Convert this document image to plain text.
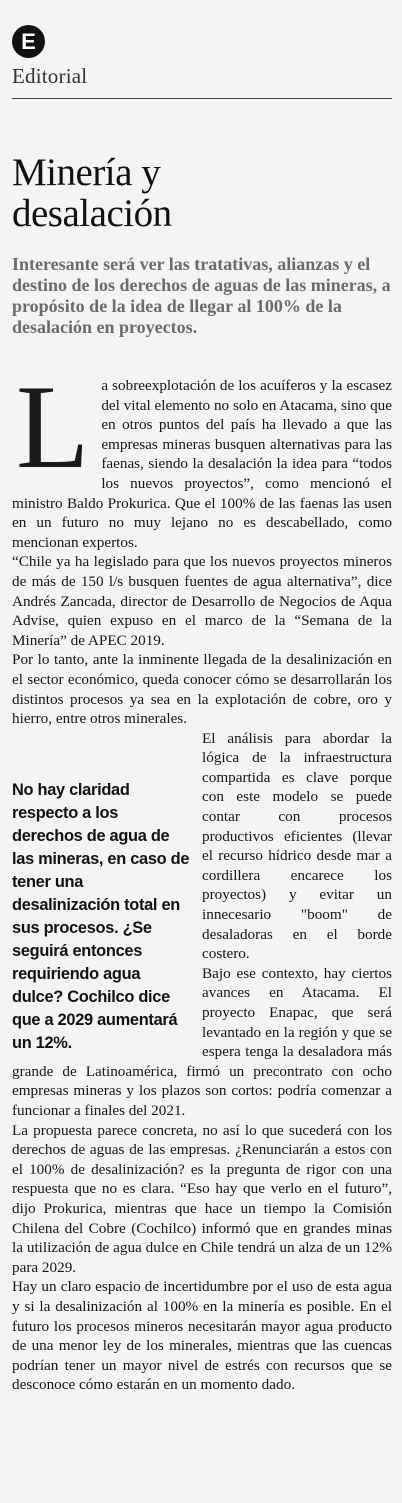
E
Editorial
Minería y
desalación

Interesante será ver las tratativas, alianzas y el destino de los derechos de aguas de las mineras, a propósito de la idea de llegar al 100% de la desalación en proyectos.

L a sobreexplotación de los acuíferos y la escasez del vital elemento no solo en Atacama, sino que en otros puntos del país ha llevado a que las empresas mineras busquen alternativas para las faenas, siendo la desalación la idea para “todos los nuevos proyectos”, como mencionó el ministro Baldo Prokurica. Que el 100% de las faenas las usen en un futuro no muy lejano no es descabellado, como mencionan expertos.

“Chile ya ha legislado para que los nuevos proyectos mineros de más de 150 l/s busquen fuentes de agua alternativa”, dice Andrés Zancada, director de Desarrollo de Negocios de Aqua Advise, quien expuso en el marco de la “Semana de la Minería” de APEC 2019.

Por lo tanto, ante la inminente llegada de la desalinización en el sector económico, queda conocer cómo se desarrollarán los distintos procesos ya sea en la explotación de cobre, oro y hierro, entre otros minerales.

No hay claridad respecto a los derechos de agua de las mineras, en caso de tener una desalinización total en sus procesos. ¿Se seguirá entonces requiriendo agua dulce? Cochilco dice que a 2029 aumentará un 12%.

El análisis para abordar la lógica de la infraestructura compartida es clave porque con este modelo se puede contar con procesos productivos eficientes (llevar el recurso hídrico desde mar a cordillera encarece los proyectos) y evitar un innecesario "boom" de desaladoras en el borde costero.

Bajo ese contexto, hay ciertos avances en Atacama. El proyecto Enapac, que será levantado en la región y que se espera tenga la desaladora más grande de Latinoamérica, firmó un precontrato con ocho empresas mineras y los plazos son cortos: podría comenzar a funcionar a finales del 2021.

La propuesta parece concreta, no así lo que sucederá con los derechos de aguas de las empresas. ¿Renunciarán a estos con el 100% de desalinización? es la pregunta de rigor con una respuesta que no es clara. “Eso hay que verlo en el futuro”, dijo Prokurica, mientras que hace un tiempo la Comisión Chilena del Cobre (Cochilco) informó que en grandes minas la utilización de agua dulce en Chile tendrá un alza de un 12% para 2029.

Hay un claro espacio de incertidumbre por el uso de esta agua y si la desalinización al 100% en la minería es posible. En el futuro los procesos mineros necesitarán mayor agua producto de una menor ley de los minerales, mientras que las cuencas podrían tener un mayor nivel de estrés con recursos que se desconoce cómo estarán en un momento dado.
